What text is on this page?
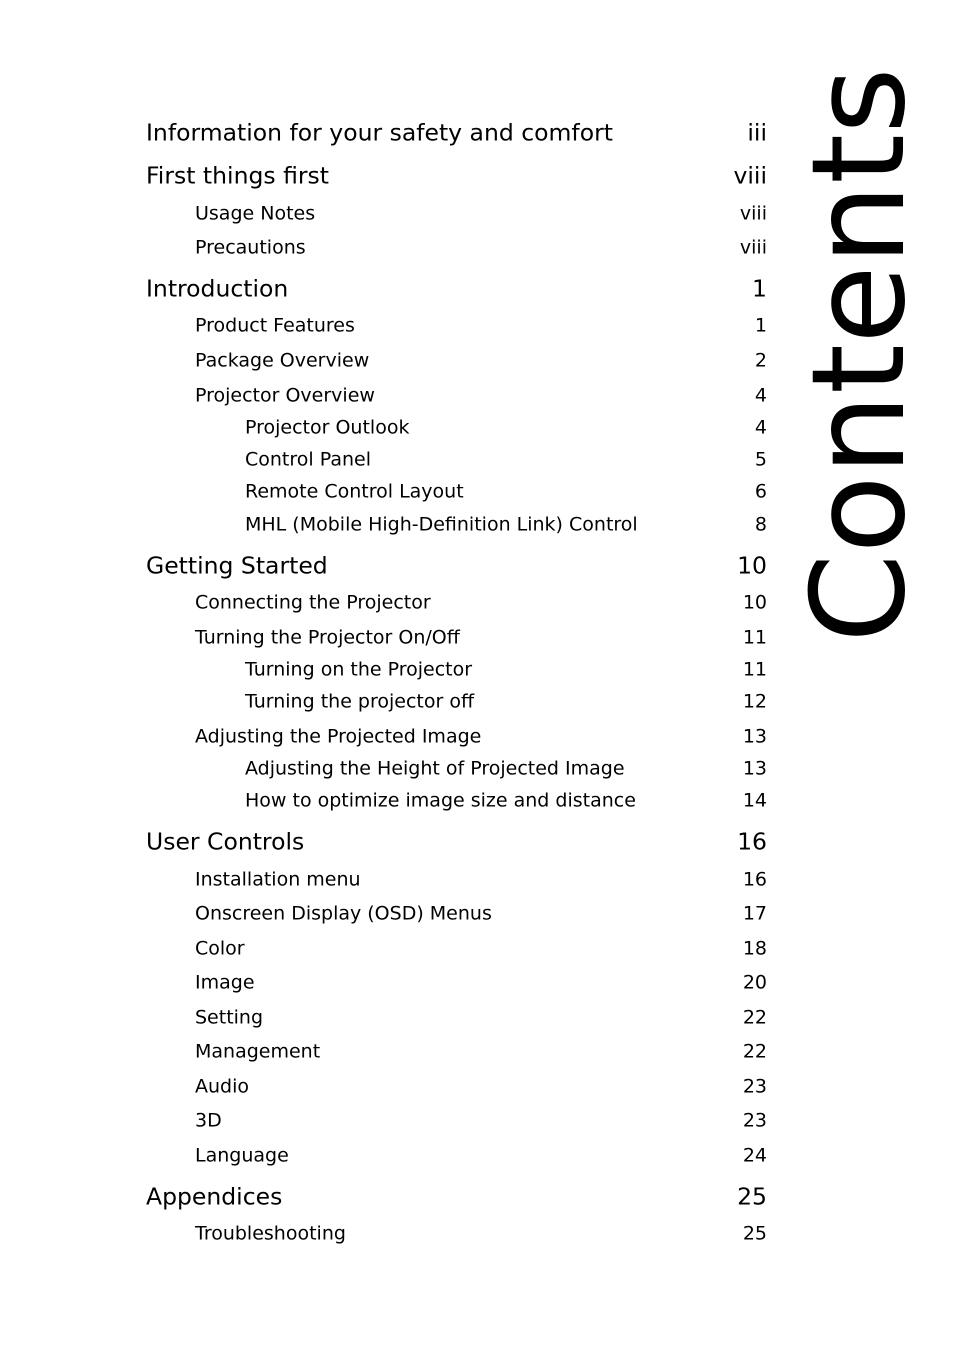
Contents
Information for your safety and comfort	iii
First things first	viii
Usage Notes	viii
Precautions	viii
Introduction	1
Product Features	1
Package Overview	2
Projector Overview	4
Projector Outlook	4
Control Panel	5
Remote Control Layout	6
MHL (Mobile High-Definition Link) Control	8
Getting Started	10
Connecting the Projector	10
Turning the Projector On/Off	11
Turning on the Projector	11
Turning the projector off	12
Adjusting the Projected Image	13
Adjusting the Height of Projected Image	13
How to optimize image size and distance	14
User Controls	16
Installation menu	16
Onscreen Display (OSD) Menus	17
Color	18
Image	20
Setting	22
Management	22
Audio	23
3D	23
Language	24
Appendices	25
Troubleshooting	25
